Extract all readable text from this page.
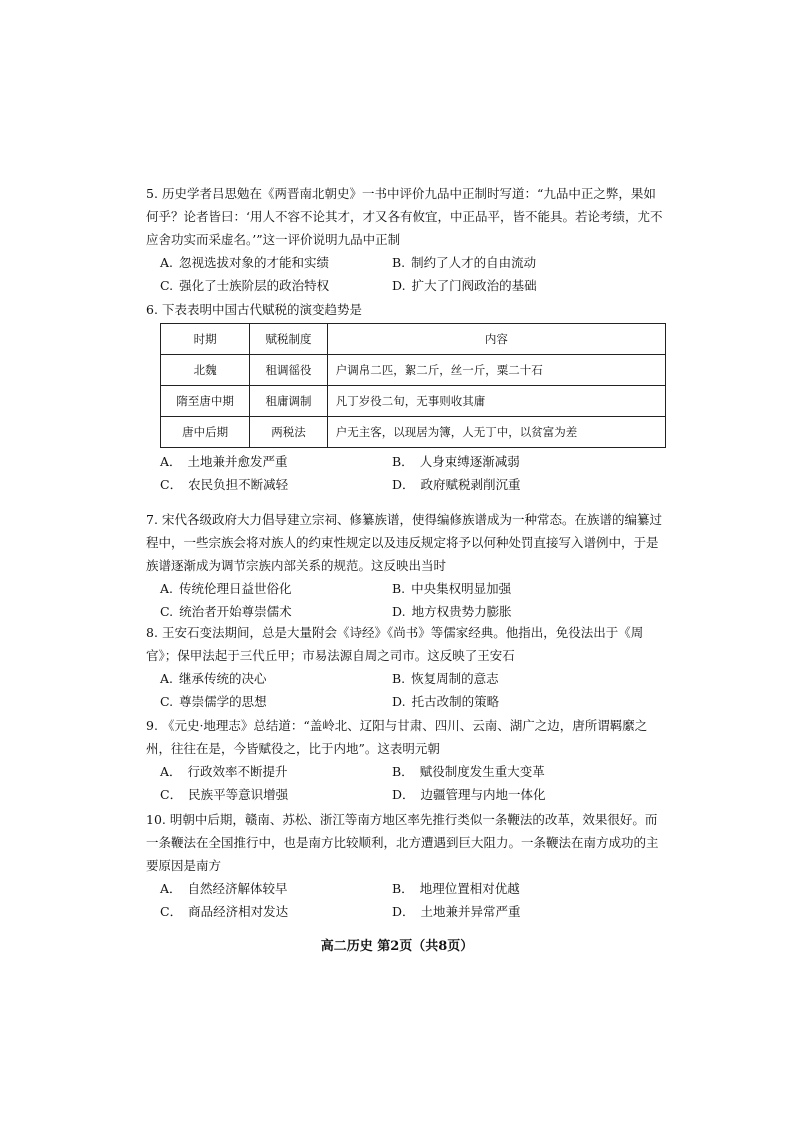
5. 历史学者吕思勉在《两晋南北朝史》一书中评价九品中正制时写道：“九品中正之弊，果如何乎？论者皆曰：‘用人不容不论其才，才又各有攸宜，中正品平，皆不能具。若论考绩，尤不应舍功实而采虚名。’”这一评价说明九品中正制

A. 忽视选拔对象的才能和实绩	B. 制约了人才的自由流动
C. 强化了士族阶层的政治特权	D. 扩大了门阀政治的基础

6. 下表表明中国古代赋税的演变趋势是

时期	赋税制度	内容
北魏	租调徭役	户调帛二匹，絮二斤，丝一斤，粟二十石
隋至唐中期	租庸调制	凡丁岁役二旬，无事则收其庸
唐中后期	两税法	户无主客，以现居为簿，人无丁中，以贫富为差
A． 土地兼并愈发严重	B． 人身束缚逐渐减弱
C． 农民负担不断减轻	D． 政府赋税剥削沉重

7. 宋代各级政府大力倡导建立宗祠、修纂族谱，使得编修族谱成为一种常态。在族谱的编纂过程中，一些宗族会将对族人的约束性规定以及违反规定将予以何种处罚直接写入谱例中，于是族谱逐渐成为调节宗族内部关系的规范。这反映出当时

A. 传统伦理日益世俗化	B. 中央集权明显加强
C. 统治者开始尊崇儒术	D. 地方权贵势力膨胀

8. 王安石变法期间，总是大量附会《诗经》《尚书》等儒家经典。他指出，免役法出于《周官》；保甲法起于三代丘甲；市易法源自周之司市。这反映了王安石

A. 继承传统的决心	B. 恢复周制的意志
C. 尊崇儒学的思想	D. 托古改制的策略

9. 《元史·地理志》总结道：“盖岭北、辽阳与甘肃、四川、云南、湖广之边，唐所谓羁縻之州，往往在是，今皆赋役之，比于内地”。这表明元朝

A． 行政效率不断提升	B． 赋役制度发生重大变革
C． 民族平等意识增强	D． 边疆管理与内地一体化

10. 明朝中后期，赣南、苏松、浙江等南方地区率先推行类似一条鞭法的改革，效果很好。而一条鞭法在全国推行中，也是南方比较顺利，北方遭遇到巨大阻力。一条鞭法在南方成功的主要原因是南方

A． 自然经济解体较早	B． 地理位置相对优越
C． 商品经济相对发达	D． 土地兼并异常严重
高二历史 第2页（共8页）
